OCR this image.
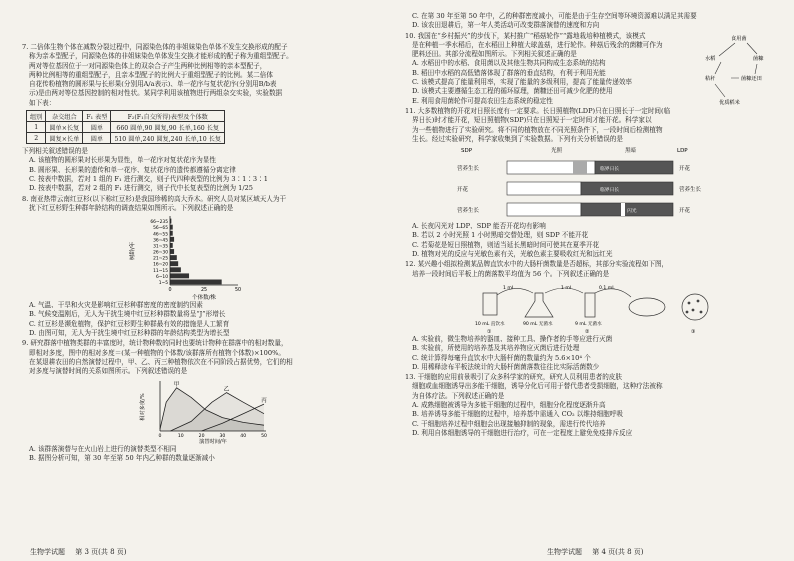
7. 二倍体生物个体在减数分裂过程中，同源染色体的非姐妹染色单体不发生交换形成的配子

称为亲本型配子，同源染色体的非姐妹染色单体发生交换才能形成的配子称为重组型配子。

两对等位基因位于一对同源染色体上的双杂合子产生两种比例相等的亲本型配子，

两种比例相等的重组型配子，且亲本型配子的比例大于重组型配子的比例。某二倍体

自花传粉植物的圆形果与长形果(分别用A/a表示)、单一花序与复状花序(分别用B/b表

示)是由两对等位基因控制的相对性状。某同学利用该植物进行两组杂交实验，实验数据

如下表：

组别	杂交组合	F₁ 表型	F₂(F₁自交所得)表型及个体数
1	圆单×长复	圆单	660 圆单,90 圆复,90 长单,160 长复
2	圆复×长单	圆单	510 圆单,240 圆复,240 长单,10 长复

下列相关叙述错误的是

A. 该植物的圆形果对长形果为显性，单一花序对复状花序为显性

B. 圆形果、长形果的遗传和单一花序、复状花序的遗传都遵循分离定律

C. 按表中数据，若对 1 组的 F₁ 进行测交，则子代四种表型的比例为 3∶1∶3∶1

D. 按表中数据，若对 2 组的 F₁ 进行测交，则子代中长复表型的比例为 1/25

8. 南亚热带云南红豆杉(以下称红豆杉)是我国珍稀的高大乔木。研究人员对某区域天人为干

扰下红豆杉野生种群年龄结构的调查结果如图所示。下列叙述正确的是

66~235
56~65
46~55
36~45
31~35
26~30
21~25
16~20
11~15
6~10
1~5
树龄/年
0	25	50
个体数/株

A. 气温、干旱和火灾是影响红豆杉种群密度的密度制约因素

B. 气候变温刚后，无人为干扰生境中红豆杉种群数量将呈“J”形增长

C. 红豆杉是濒危植物，保护红豆杉野生种群最有效的措施是人工繁育

D. 由图可知，无人为干扰生境中红豆杉种群的年龄结构类型为增长型

9. 研究群落中植物类群的丰富度时，统计物种数的同时也要统计物种在群落中的相对数量，

即相对多度，图中的相对多度＝(某一种植物的个体数/该群落所有植物个体数)×100%。

在某退耕农田的自然演替过程中，甲、乙、丙三种植物依次在不同阶段占据优势，它们的相

对多度与演替时间的关系如图所示。下列叙述错误的是

相对多度/%
甲
乙
丙
0	10	20	30	40	50
演替时间/年

A. 该群落演替与在火山岩上进行的演替类型不相同

B. 据图分析可知，第 30 年至第 50 年内乙种群的数量逐渐减小

生物学试题 第 3 页(共 8 页)

C. 在第 30 年至第 50 年中，乙的种群密度减小，可能是由于生存空间等环境资源难以满足其需要

D. 该农田退耕后，第一年人类活动可改变群落演替的速度和方向

10. 我国在“乡村振兴”的步伐下，某村推广“稻菇轮作”“露地栽培种植模式，该模式

是在种植一季水稻后，在水稻田上种植大球盖菇，进行轮作。种菇后残余的菌糠可作为

肥料还田。其部分流程如图所示。下列相关叙述正确的是

A. 水稻田中的水稻、食用菌以及其他生物共同构成生态系统的结构

B. 稻田中水稻的高低错落体现了群落的垂直结构，有利于利用光能

C. 该模式提高了能量利用率，实现了能量的多级利用，提高了能量传递效率

D. 该模式主要遵循生态工程的循环原理，菌糠还田可减少化肥的使用

E. 利用食用菌轮作可提高农田生态系统的稳定性

食用菌
水稻	菌糠
秸秆	菌糠还田
优质稻米

11. 大多数植物的开花对日照长度有一定要求。长日照植物(LDP)只在日照长于一定时间(临

界日长)时才能开花，短日照植物(SDP)只在日照短于一定时间才能开花。科学家以

为一些植物进行了实验研究。将不同的植物放在不同光照条件下，一段时间后检测植物

生长。经过实验研究，科学家收集到了实验数据。下列有关分析错误的是

SDP	光照	黑暗	LDP
营养生长	临界日长	开花
开花	临界日长	营养生长
营养生长	闪光	开花

A. 长夜闪光对 LDP、SDP 能否开花均有影响

B. 若以 2 小时光照 1 小时黑暗交替处理，则 SDP 不能开花

C. 若菊花是短日照植物，则适当延长黑暗时间可使其在夏季开花

D. 植物对光的反应与光敏色素有关，光敏色素主要吸收红光和远红光

12. 某兴趣小组拟检测某品牌直饮水中的大肠杆菌数量是否超标，其部分实验流程如下图，

培养一段时间后平板上的菌落数平均值为 56 个。下列叙述正确的是

10 mL 直饮水	90 mL 无菌水
1 mL	1 mL
9 mL 无菌水
0.1 mL
①	②	③

A. 实验前，微生物培养的器皿、接种工具、操作者的手等应进行灭菌

B. 实验前，所使用的培养基及其培养物应灭菌后进行处理

C. 统计算得每毫升直饮水中大肠杆菌的数量约为 5.6×10⁴ 个

D. 用稀释涂布平板法统计的大肠杆菌菌落数往往比实际活菌数少

13. 干细胞的应用前景吸引了众多科学家的研究，研究人员利用患者的皮肤

细胞或血细胞诱导出多能干细胞，诱导分化后可用于替代患者受损细胞，这种疗法被称

为自体疗法。下列叙述正确的是

A. 成熟细胞被诱导为多能干细胞的过程中，细胞分化程度逐渐升高

B. 培养诱导多能干细胞的过程中，培养基中需通入 CO₂ 以维持细胞呼吸

C. 干细胞培养过程中细胞会出现接触抑制的现象，需进行传代培养

D. 利用自体细胞诱导的干细胞进行治疗，可在一定程度上避免免疫排斥反应

生物学试题 第 4 页(共 8 页)
